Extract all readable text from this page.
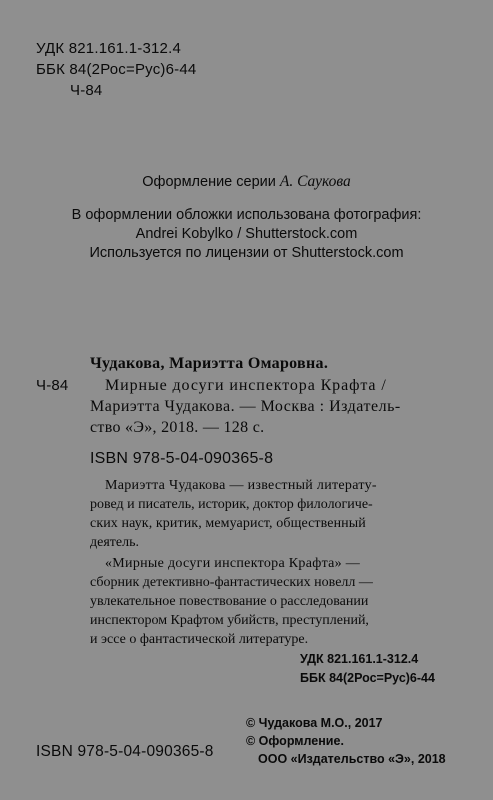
УДК 821.161.1-312.4
ББК 84(2Рос=Рус)6-44
Ч-84
Оформление серии А. Саукова
В оформлении обложки использована фотография:
Andrei Kobylko / Shutterstock.com
Используется по лицензии от Shutterstock.com
Чудакова, Мариэтта Омаровна.
Ч-84 Мирные досуги инспектора Крафта /
Мариэтта Чудакова. — Москва : Издатель-
ство «Э», 2018. — 128 с.
ISBN 978-5-04-090365-8
Мариэтта Чудакова — известный литерату-
ровед и писатель, историк, доктор филологиче-
ских наук, критик, мемуарист, общественный
деятель.
«Мирные досуги инспектора Крафта» —
сборник детективно-фантастических новелл —
увлекательное повествование о расследовании
инспектором Крафтом убийств, преступлений,
и эссе о фантастической литературе.
УДК 821.161.1-312.4
ББК 84(2Рос=Рус)6-44
ISBN 978-5-04-090365-8
© Чудакова М.О., 2017
© Оформление.
ООО «Издательство «Э», 2018
